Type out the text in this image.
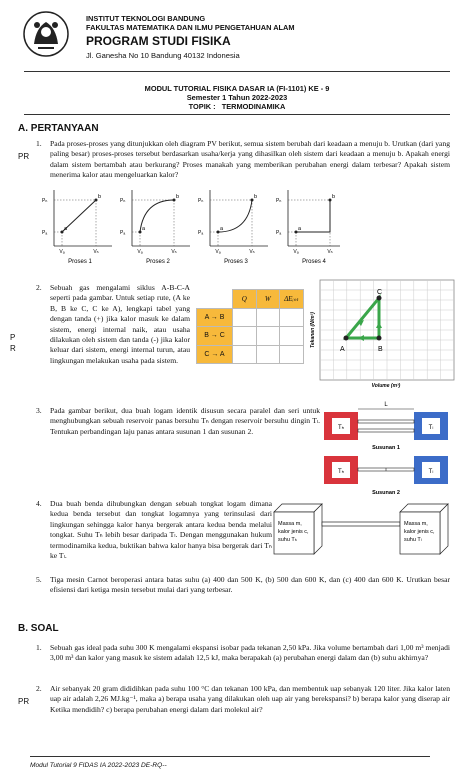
INSTITUT TEKNOLOGI BANDUNG
FAKULTAS MATEMATIKA DAN ILMU PENGETAHUAN ALAM
PROGRAM STUDI FISIKA
Jl. Ganesha No 10 Bandung 40132 Indonesia
MODUL TUTORIAL FISIKA DASAR IA (FI-1101) KE - 9
Semester 1 Tahun 2022-2023
TOPIK : TERMODINAMIKA
A. PERTANYAAN
PR
1. Pada proses-proses yang ditunjukkan oleh diagram PV berikut, semua sistem berubah dari keadaan a menuju b. Urutkan (dari yang paling besar) proses-proses tersebut berdasarkan usaha/kerja yang dihasilkan oleh sistem dari keadaan a menuju b. Apakah energi dalam sistem bertambah atau berkurang? Proses manakah yang memberikan perubahan energi dalam terbesar? Apakah sistem menerima kalor atau mengeluarkan kalor?
a
b
Pₕ
Pₐ
Vₐ	Vₕ
Proses 1
a
b
Pₕ
Pₐ
Vₐ	Vₕ
Proses 2
a
b
Pₕ
Pₐ
Vₐ	Vₕ
Proses 3
a
b
Pₕ
Pₐ
Vₐ	Vₕ
Proses 4
2. Sebuah gas mengalami siklus A-B-C-A seperti pada gambar. Untuk setiap rute, (A ke B, B ke C, C ke A), lengkapi tabel yang dengan tanda (+) jika kalor masuk ke dalam sistem, energi internal naik, atau usaha dilakukan oleh sistem dan tanda (-) jika kalor keluar dari sistem, energi internal turun, atau lingkungan melakukan usaha pada sistem.
P
R
	Q	W	ΔEᵢₙₜ
A → B			
B → C			
C → A			
Tekanan (N/m²)
Volume (m³)
A	B
C
3. Pada gambar berikut, dua buah logam identik disusun secara paralel dan seri untuk menghubungkan sebuah reservoir panas bersuhu Tₕ dengan reservoir bersuhu dingin Tₗ. Tentukan perbandingan laju panas antara susunan 1 dan susunan 2.
L
Tₕ	Tₗ
Susunan 1
Tₕ	Tₗ
Susunan 2
4. Dua buah benda dihubungkan dengan sebuah tongkat logam dimana kedua benda tersebut dan tongkat logamnya yang terinsulasi dari lingkungan sehingga kalor hanya bergerak antara kedua benda melalui tongkat. Suhu Tₕ lebih besar daripada Tₗ. Dengan menggunakan hukum termodinamika kedua, buktikan bahwa kalor hanya bisa bergerak dari Tₕ ke Tₗ.
Massa m,
kalor jenis c,
suhu Tₕ
Massa m,
kalor jenis c,
suhu Tₗ
5. Tiga mesin Carnot beroperasi antara batas suhu (a) 400 dan 500 K, (b) 500 dan 600 K, dan (c) 400 dan 600 K. Urutkan besar efisiensi dari ketiga mesin tersebut mulai dari yang terbesar.
B. SOAL
1. Sebuah gas ideal pada suhu 300 K mengalami ekspansi isobar pada tekanan 2,50 kPa. Jika volume bertambah dari 1,00 m³ menjadi 3,00 m³ dan kalor yang masuk ke sistem adalah 12,5 kJ, maka berapakah (a) perubahan energi dalam dan (b) suhu akhirnya?
2. Air sebanyak 20 gram dididihkan pada suhu 100 °C dan tekanan 100 kPa, dan membentuk uap sebanyak 120 liter. Jika kalor laten uap air adalah 2,26 MJ.kg⁻¹, maka a) berapa usaha yang dilakukan oleh uap air yang berekspansi? b) berapa kalor yang diserap air Ketika mendidih? c) berapa perubahan energi dalam dari molekul air?
PR
Modul Tutorial 9 FIDAS IA 2022-2023 DE-RQ--
